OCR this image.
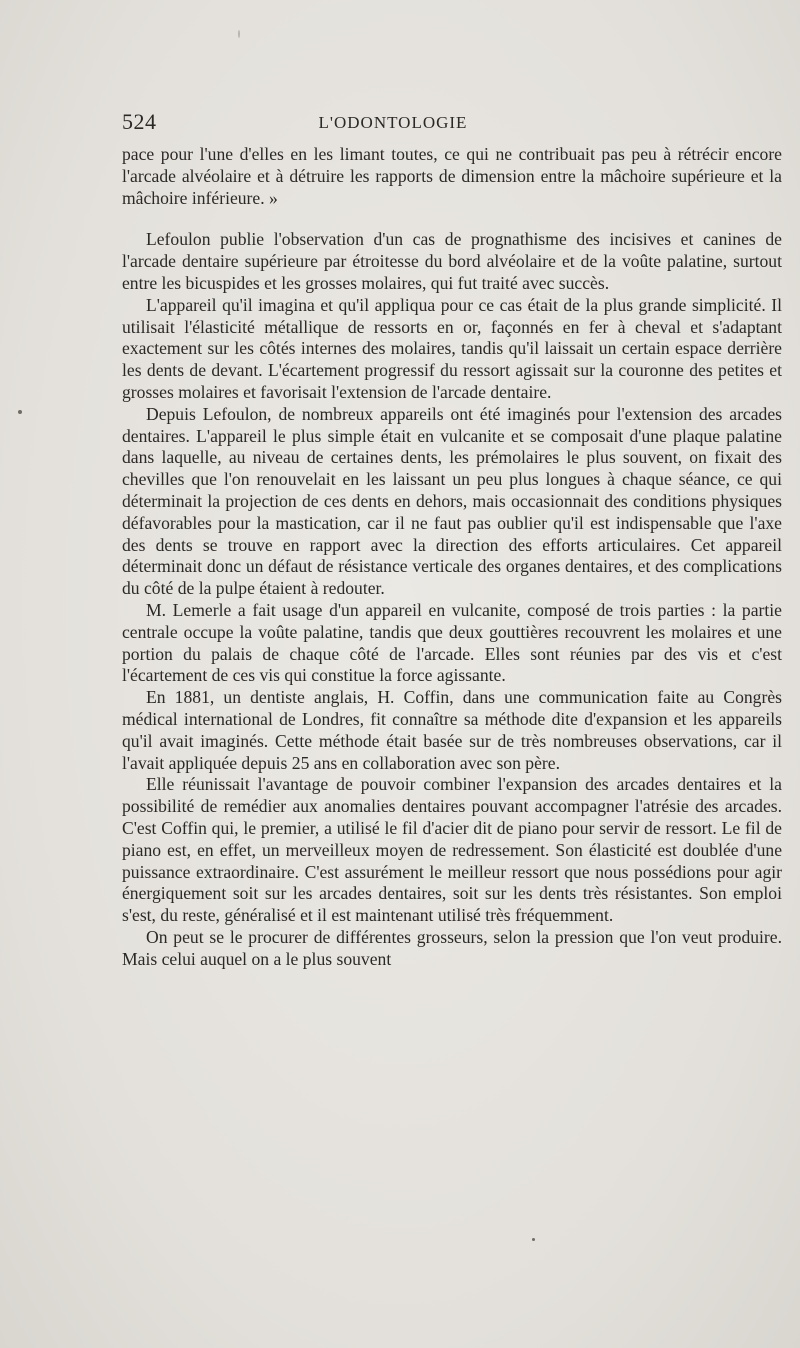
524	L'ODONTOLOGIE

pace pour l'une d'elles en les limant toutes, ce qui ne contribuait pas peu à rétrécir encore l'arcade alvéolaire et à détruire les rapports de dimension entre la mâchoire supérieure et la mâchoire inférieure. »

Lefoulon publie l'observation d'un cas de prognathisme des incisives et canines de l'arcade dentaire supérieure par étroitesse du bord alvéolaire et de la voûte palatine, surtout entre les bicuspides et les grosses molaires, qui fut traité avec succès.

L'appareil qu'il imagina et qu'il appliqua pour ce cas était de la plus grande simplicité. Il utilisait l'élasticité métallique de ressorts en or, façonnés en fer à cheval et s'adaptant exactement sur les côtés internes des molaires, tandis qu'il laissait un certain espace derrière les dents de devant. L'écartement progressif du ressort agissait sur la couronne des petites et grosses molaires et favorisait l'extension de l'arcade dentaire.

Depuis Lefoulon, de nombreux appareils ont été imaginés pour l'extension des arcades dentaires. L'appareil le plus simple était en vulcanite et se composait d'une plaque palatine dans laquelle, au niveau de certaines dents, les prémolaires le plus souvent, on fixait des chevilles que l'on renouvelait en les laissant un peu plus longues à chaque séance, ce qui déterminait la projection de ces dents en dehors, mais occasionnait des conditions physiques défavorables pour la mastication, car il ne faut pas oublier qu'il est indispensable que l'axe des dents se trouve en rapport avec la direction des efforts articulaires. Cet appareil déterminait donc un défaut de résistance verticale des organes dentaires, et des complications du côté de la pulpe étaient à redouter.

M. Lemerle a fait usage d'un appareil en vulcanite, composé de trois parties : la partie centrale occupe la voûte palatine, tandis que deux gouttières recouvrent les molaires et une portion du palais de chaque côté de l'arcade. Elles sont réunies par des vis et c'est l'écartement de ces vis qui constitue la force agissante.

En 1881, un dentiste anglais, H. Coffin, dans une communication faite au Congrès médical international de Londres, fit connaître sa méthode dite d'expansion et les appareils qu'il avait imaginés. Cette méthode était basée sur de très nombreuses observations, car il l'avait appliquée depuis 25 ans en collaboration avec son père.

Elle réunissait l'avantage de pouvoir combiner l'expansion des arcades dentaires et la possibilité de remédier aux anomalies dentaires pouvant accompagner l'atrésie des arcades. C'est Coffin qui, le premier, a utilisé le fil d'acier dit de piano pour servir de ressort. Le fil de piano est, en effet, un merveilleux moyen de redressement. Son élasticité est doublée d'une puissance extraordinaire. C'est assurément le meilleur ressort que nous possédions pour agir énergiquement soit sur les arcades dentaires, soit sur les dents très résistantes. Son emploi s'est, du reste, généralisé et il est maintenant utilisé très fréquemment.

On peut se le procurer de différentes grosseurs, selon la pression que l'on veut produire. Mais celui auquel on a le plus souvent
